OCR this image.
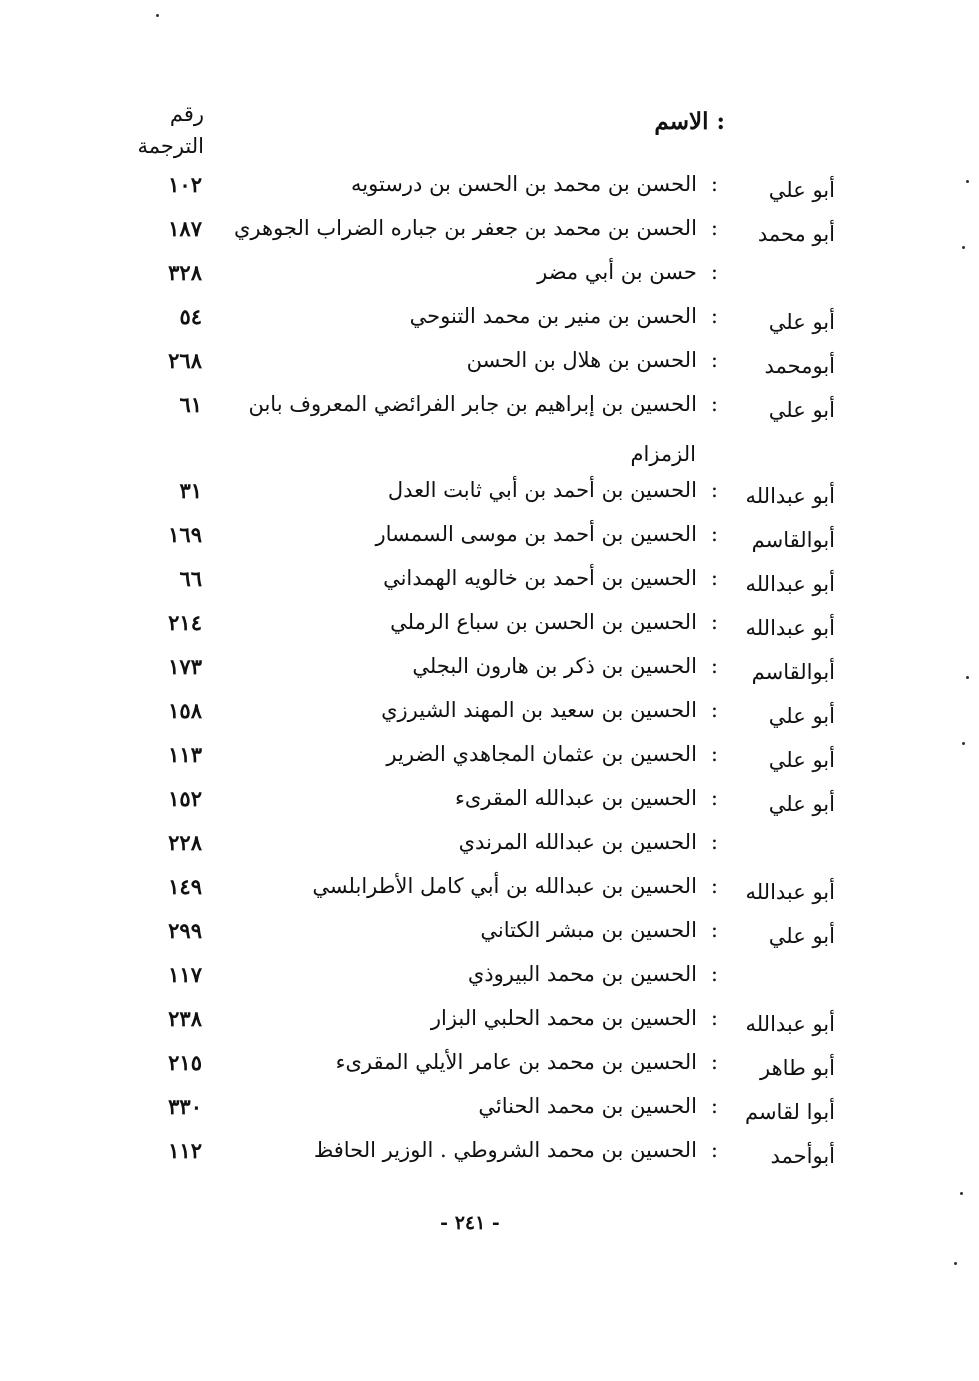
رقم
الترجمة
: الاسم
١٠٢	:الحسن بن محمد بن الحسن بن درستويه	أبو علي
١٨٧	:الحسن بن محمد بن جعفر بن جباره الضراب الجوهري	أبو محمد
٣٢٨	:حسن بن أبي مضر
٥٤	:الحسن بن منير بن محمد التنوحي	أبو علي
٢٦٨	:الحسن بن هلال بن الحسن	أبومحمد
٦١	:الحسين بن إبراهيم بن جابر الفرائضي المعروف بابن	أبو علي
الزمزام
٣١	:الحسين بن أحمد بن أبي ثابت العدل	أبو عبدالله
١٦٩	:الحسين بن أحمد بن موسى السمسار	أبوالقاسم
٦٦	:الحسين بن أحمد بن خالويه الهمداني	أبو عبدالله
٢١٤	:الحسين بن الحسن بن سباع الرملي	أبو عبدالله
١٧٣	:الحسين بن ذكر بن هارون البجلي	أبوالقاسم
١٥٨	:الحسين بن سعيد بن المهند الشيرزي	أبو علي
١١٣	:الحسين بن عثمان المجاهدي الضرير	أبو علي
١٥٢	:الحسين بن عبدالله المقرىء	أبو علي
٢٢٨	:الحسين بن عبدالله المرندي
١٤٩	:الحسين بن عبدالله بن أبي كامل الأطرابلسي	أبو عبدالله
٢٩٩	:الحسين بن مبشر الكتاني	أبو علي
١١٧	:الحسين بن محمد البيروذي
٢٣٨	:الحسين بن محمد الحلبي البزار	أبو عبدالله
٢١٥	:الحسين بن محمد بن عامر الأيلي المقرىء	أبو طاهر
٣٣٠	:الحسين بن محمد الحنائي	أبوا لقاسم
١١٢	:الحسين بن محمد الشروطي . الوزير الحافظ	أبوأحمد
- ٢٤١ -
